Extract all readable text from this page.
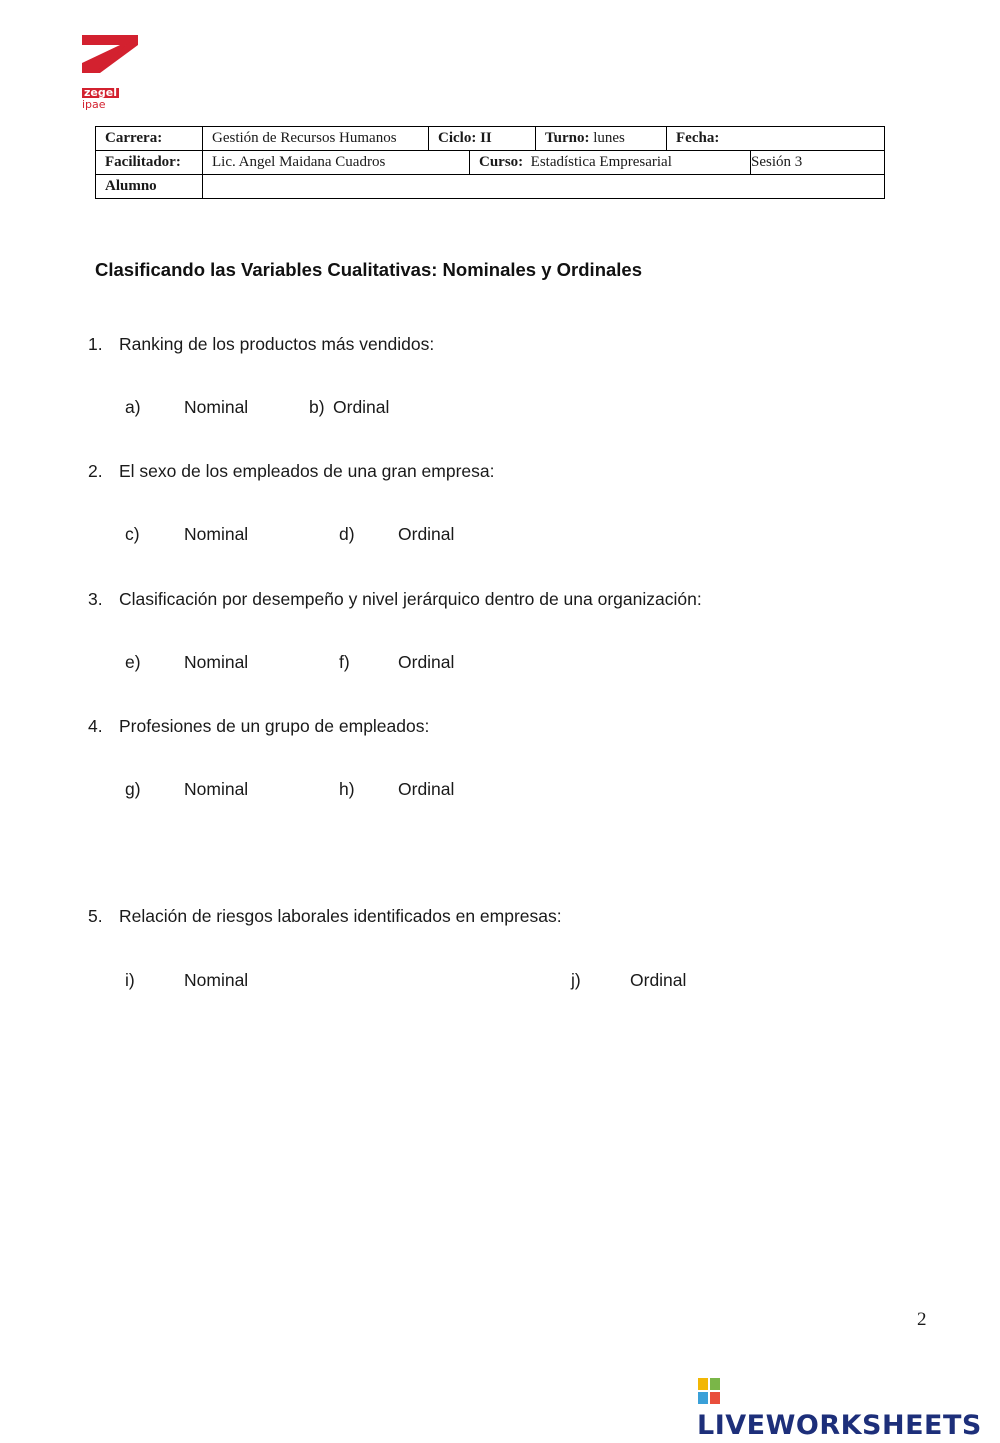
zegel
ipae
Carrera:	Gestión de Recursos Humanos	Ciclo: II		Turno: lunes	Fecha:	
Facilitador:	Lic. Angel Maidana Cuadros		Curso: Estadística Empresarial			Sesión 3
Alumno						
Clasificando las Variables Cualitativas: Nominales y Ordinales
1. Ranking de los productos más vendidos:
a) Nominal	b) Ordinal
2. El sexo de los empleados de una gran empresa:
c)	Nominal	d) Ordinal
3. Clasificación por desempeño y nivel jerárquico dentro de una organización:
e) Nominal	f)	Ordinal
4. Profesiones de un grupo de empleados:
g) Nominal	h) Ordinal
5. Relación de riesgos laborales identificados en empresas:
i)	Nominal	j)	Ordinal
2
LIVEWORKSHEETS
